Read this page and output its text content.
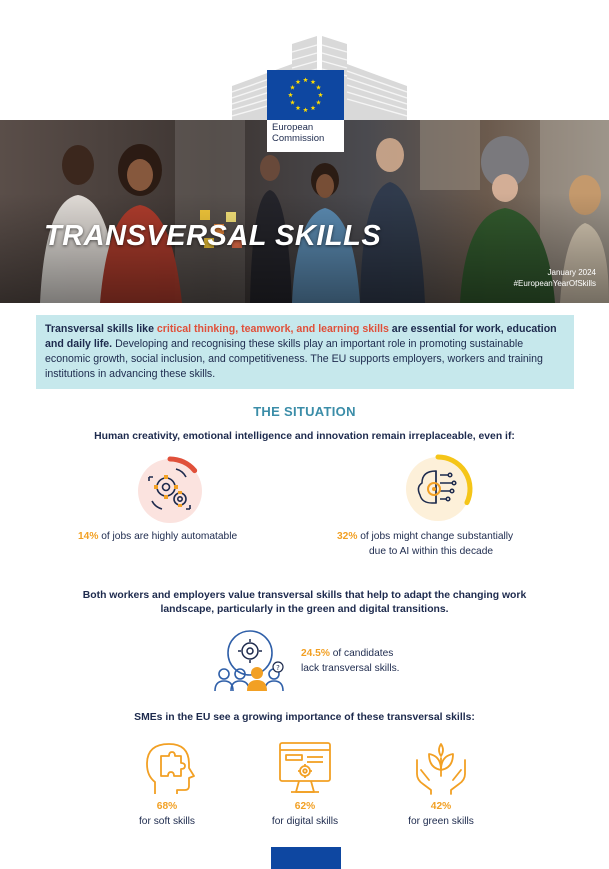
European
Commission
TRANSVERSAL SKILLS
January 2024
#EuropeanYearOfSkills
Transversal skills like critical thinking, teamwork, and learning skills are essential for work, education and daily life. Developing and recognising these skills play an important role in promoting sustainable economic growth, social inclusion, and competitiveness. The EU supports employers, workers and training institutions in advancing these skills.
THE SITUATION
Human creativity, emotional intelligence and innovation remain irreplaceable, even if:
14% of jobs are highly automatable	32% of jobs might change substantially
due to AI within this decade
Both workers and employers value transversal skills that help to adapt the changing work
landscape, particularly in the green and digital transitions.
?
24.5% of candidates
lack transversal skills.
SMEs in the EU see a growing importance of these transversal skills:
68%
for soft skills
62%
for digital skills
42%
for green skills
